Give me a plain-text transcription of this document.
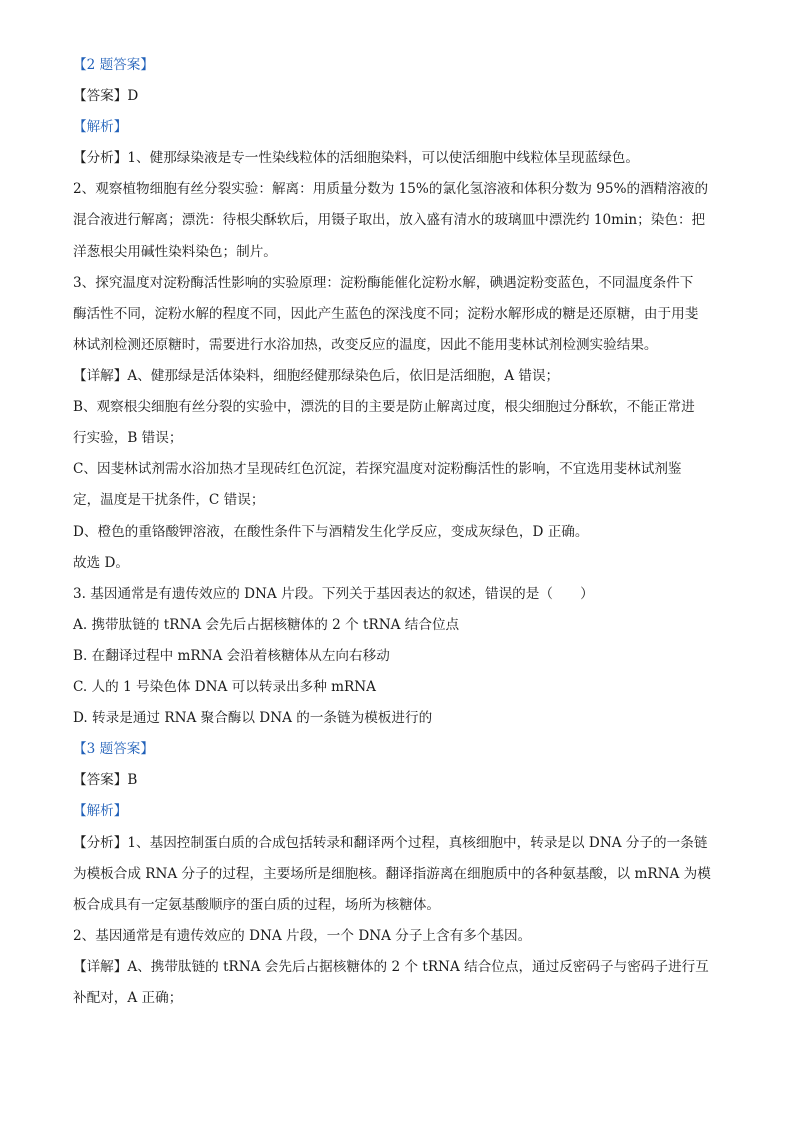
【2 题答案】
【答案】D
【解析】
【分析】1、健那绿染液是专一性染线粒体的活细胞染料，可以使活细胞中线粒体呈现蓝绿色。
2、观察植物细胞有丝分裂实验：解离：用质量分数为 15%的氯化氢溶液和体积分数为 95%的酒精溶液的
混合液进行解离；漂洗：待根尖酥软后，用镊子取出，放入盛有清水的玻璃皿中漂洗约 10min；染色：把
洋葱根尖用碱性染料染色；制片。
3、探究温度对淀粉酶活性影响的实验原理：淀粉酶能催化淀粉水解，碘遇淀粉变蓝色，不同温度条件下
酶活性不同，淀粉水解的程度不同，因此产生蓝色的深浅度不同；淀粉水解形成的糖是还原糖，由于用斐
林试剂检测还原糖时，需要进行水浴加热，改变反应的温度，因此不能用斐林试剂检测实验结果。
【详解】A、健那绿是活体染料，细胞经健那绿染色后，依旧是活细胞，A 错误；
B、观察根尖细胞有丝分裂的实验中，漂洗的目的主要是防止解离过度，根尖细胞过分酥软，不能正常进
行实验，B 错误；
C、因斐林试剂需水浴加热才呈现砖红色沉淀，若探究温度对淀粉酶活性的影响，不宜选用斐林试剂鉴
定，温度是干扰条件，C 错误；
D、橙色的重铬酸钾溶液，在酸性条件下与酒精发生化学反应，变成灰绿色，D 正确。
故选 D。
3. 基因通常是有遗传效应的 DNA 片段。下列关于基因表达的叙述，错误的是（　　）
A. 携带肽链的 tRNA 会先后占据核糖体的 2 个 tRNA 结合位点
B. 在翻译过程中 mRNA 会沿着核糖体从左向右移动
C. 人的 1 号染色体 DNA 可以转录出多种 mRNA
D. 转录是通过 RNA 聚合酶以 DNA 的一条链为模板进行的
【3 题答案】
【答案】B
【解析】
【分析】1、基因控制蛋白质的合成包括转录和翻译两个过程，真核细胞中，转录是以 DNA 分子的一条链
为模板合成 RNA 分子的过程，主要场所是细胞核。翻译指游离在细胞质中的各种氨基酸，以 mRNA 为模
板合成具有一定氨基酸顺序的蛋白质的过程，场所为核糖体。
2、基因通常是有遗传效应的 DNA 片段，一个 DNA 分子上含有多个基因。
【详解】A、携带肽链的 tRNA 会先后占据核糖体的 2 个 tRNA 结合位点，通过反密码子与密码子进行互
补配对，A 正确；
